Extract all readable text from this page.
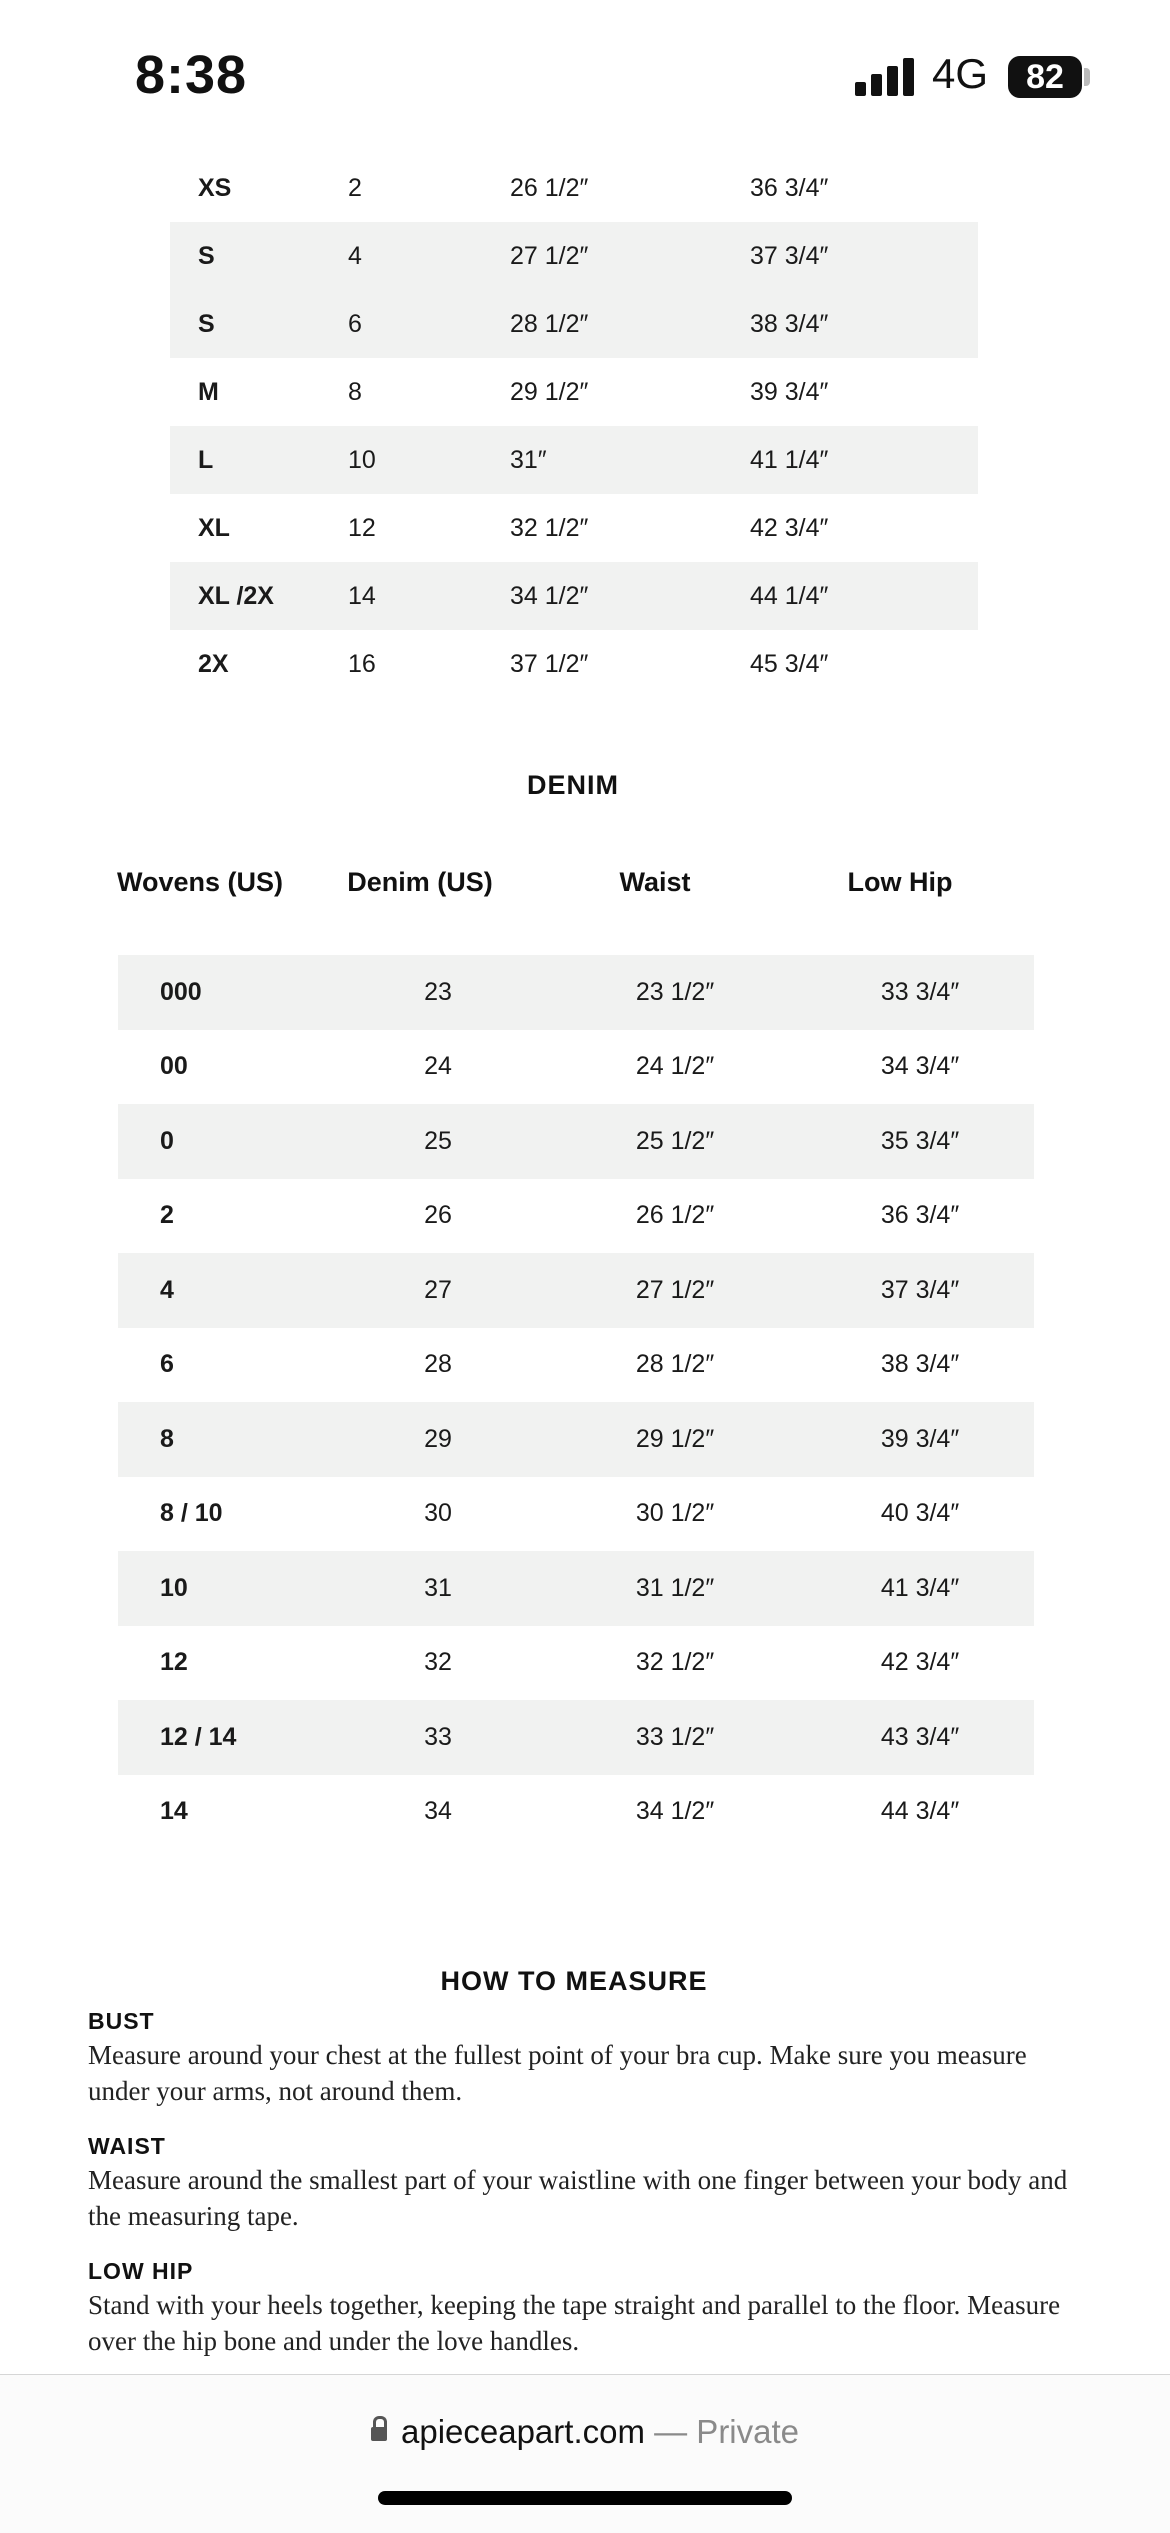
8:38	4G	82
XS	2	26 1/2″	36 3/4″
S	4	27 1/2″	37 3/4″
S	6	28 1/2″	38 3/4″
M	8	29 1/2″	39 3/4″
L	10	31″	41 1/4″
XL	12	32 1/2″	42 3/4″
XL /2X	14	34 1/2″	44 1/4″
2X	16	37 1/2″	45 3/4″
DENIM
Wovens (US)	Denim (US)	Waist	Low Hip
000	23	23 1/2″	33 3/4″
00	24	24 1/2″	34 3/4″
0	25	25 1/2″	35 3/4″
2	26	26 1/2″	36 3/4″
4	27	27 1/2″	37 3/4″
6	28	28 1/2″	38 3/4″
8	29	29 1/2″	39 3/4″
8 / 10	30	30 1/2″	40 3/4″
10	31	31 1/2″	41 3/4″
12	32	32 1/2″	42 3/4″
12 / 14	33	33 1/2″	43 3/4″
14	34	34 1/2″	44 3/4″
HOW TO MEASURE

BUST

Measure around your chest at the fullest point of your bra cup. Make sure you measure under your arms, not around them.

WAIST

Measure around the smallest part of your waistline with one finger between your body and the measuring tape.

LOW HIP

Stand with your heels together, keeping the tape straight and parallel to the floor. Measure over the hip bone and under the love handles.

apieceapart.com — Private
